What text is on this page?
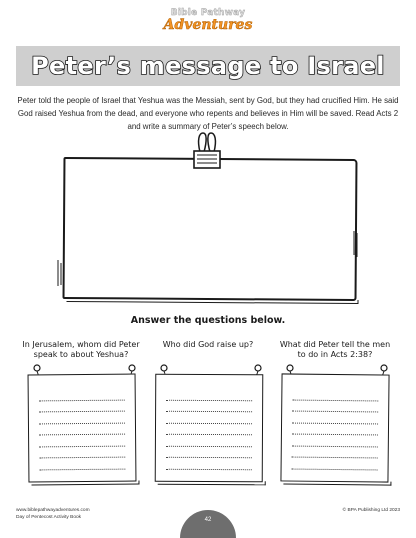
Bible Pathway
Adventures
Peter’s message to Israel

Peter told the people of Israel that Yeshua was the Messiah, sent by God, but they had crucified Him. He said God raised Yeshua from the dead, and everyone who repents and believes in Him will be saved. Read Acts 2 and write a summary of Peter’s speech below.

Answer the questions below.
In Jerusalem, whom did Peter speak to about Yeshua?
Who did God raise up?	What did Peter tell the men to do in Acts 2:38?
www.biblepathwayadventures.com
Day of Pentecost Activity Book	42
© BPA Publishing Ltd 2023
